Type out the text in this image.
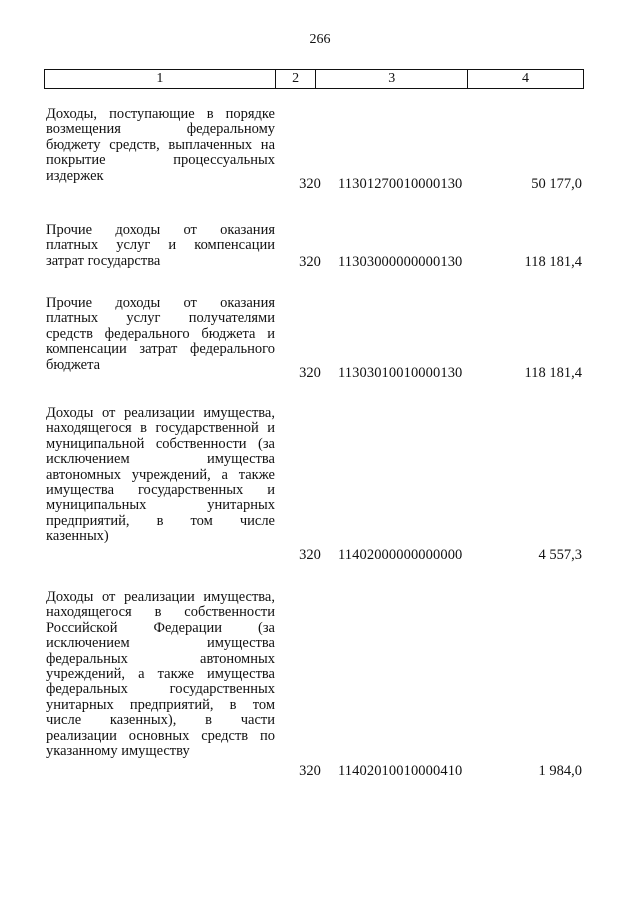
266
1	2	3	4
Доходы, поступающие в порядке
возмещения федеральному
бюджету средств, выплаченных на
покрытие процессуальных
издержек
320	11301270010000130	50 177,0
Прочие доходы от оказания
платных услуг и компенсации
затрат государства	320	11303000000000130	118 181,4
Прочие доходы от оказания
платных услуг получателями
средств федерального бюджета и
компенсации затрат федерального
бюджета
320	11303010010000130	118 181,4
Доходы от реализации имущества,
находящегося в государственной и
муниципальной собственности (за
исключением имущества
автономных учреждений, а также
имущества государственных и
муниципальных унитарных
предприятий, в том числе
казенных)
320	11402000000000000	4 557,3
Доходы от реализации имущества,
находящегося в собственности
Российской Федерации (за
исключением имущества
федеральных автономных
учреждений, а также имущества
федеральных государственных
унитарных предприятий, в том
числе казенных), в части
реализации основных средств по
указанному имуществу
320	11402010010000410	1 984,0
